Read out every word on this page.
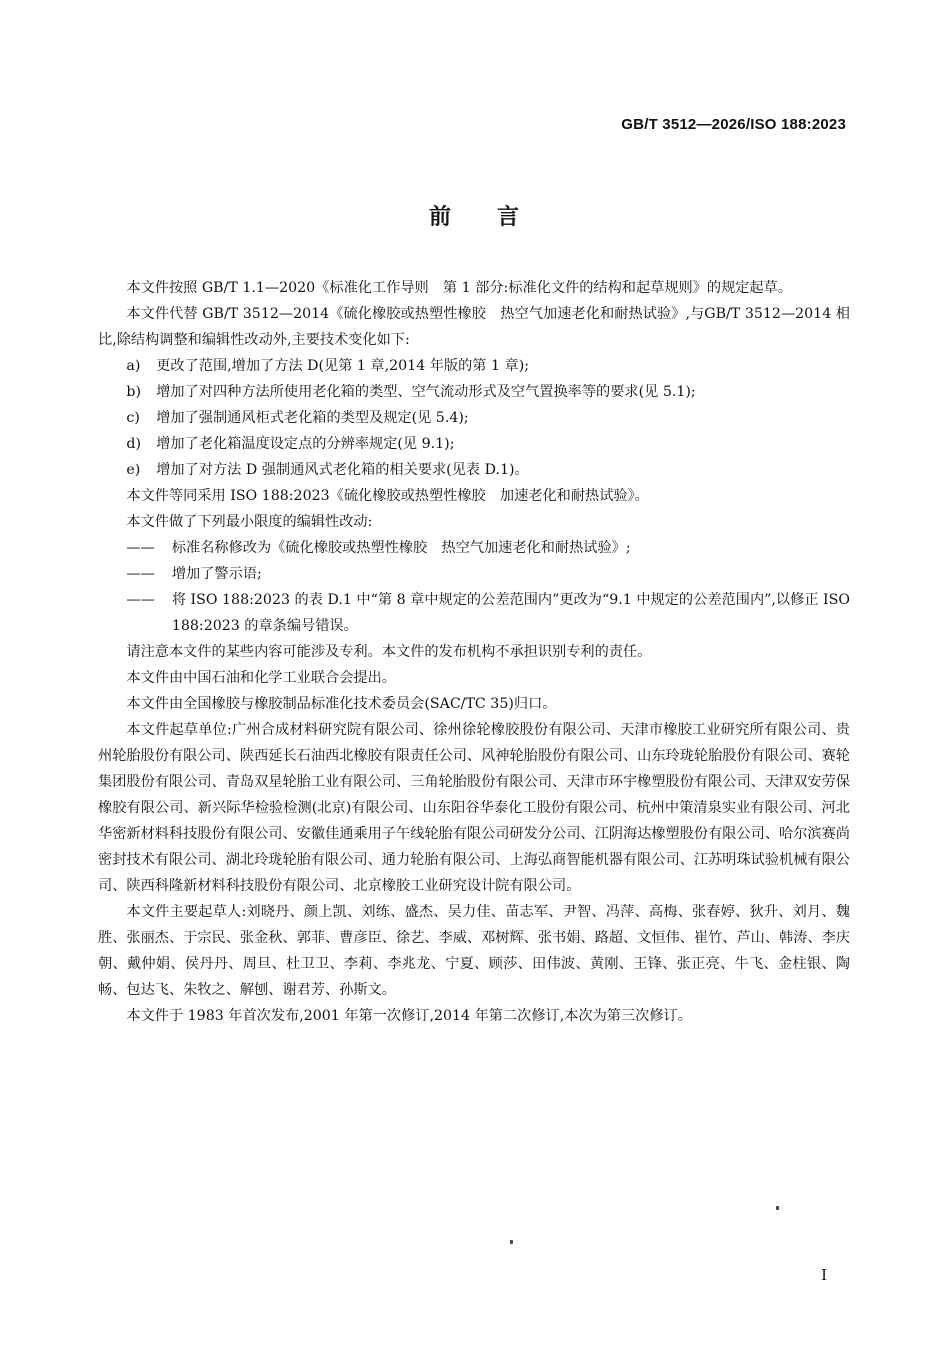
GB/T 3512—2026/ISO 188:2023
前 言

本文件按照 GB/T 1.1—2020《标准化工作导则　第 1 部分:标准化文件的结构和起草规则》的规定起草。

本文件代替 GB/T 3512—2014《硫化橡胶或热塑性橡胶　热空气加速老化和耐热试验》,与GB/T 3512—2014 相比,除结构调整和编辑性改动外,主要技术变化如下:

a)	更改了范围,增加了方法 D(见第 1 章,2014 年版的第 1 章);
b)	增加了对四种方法所使用老化箱的类型、空气流动形式及空气置换率等的要求(见 5.1);
c)	增加了强制通风柜式老化箱的类型及规定(见 5.4);
d)	增加了老化箱温度设定点的分辨率规定(见 9.1);
e)	增加了对方法 D 强制通风式老化箱的相关要求(见表 D.1)。

本文件等同采用 ISO 188:2023《硫化橡胶或热塑性橡胶　加速老化和耐热试验》。

本文件做了下列最小限度的编辑性改动:

——	标准名称修改为《硫化橡胶或热塑性橡胶　热空气加速老化和耐热试验》;
——	增加了警示语;
——	将 ISO 188:2023 的表 D.1 中“第 8 章中规定的公差范围内”更改为“9.1 中规定的公差范围内”,以修正 ISO 188:2023 的章条编号错误。

请注意本文件的某些内容可能涉及专利。本文件的发布机构不承担识别专利的责任。

本文件由中国石油和化学工业联合会提出。

本文件由全国橡胶与橡胶制品标准化技术委员会(SAC/TC 35)归口。

本文件起草单位:广州合成材料研究院有限公司、徐州徐轮橡胶股份有限公司、天津市橡胶工业研究所有限公司、贵州轮胎股份有限公司、陕西延长石油西北橡胶有限责任公司、风神轮胎股份有限公司、山东玲珑轮胎股份有限公司、赛轮集团股份有限公司、青岛双星轮胎工业有限公司、三角轮胎股份有限公司、天津市环宇橡塑股份有限公司、天津双安劳保橡胶有限公司、新兴际华检验检测(北京)有限公司、山东阳谷华泰化工股份有限公司、杭州中策清泉实业有限公司、河北华密新材料科技股份有限公司、安徽佳通乘用子午线轮胎有限公司研发分公司、江阴海达橡塑股份有限公司、哈尔滨赛尚密封技术有限公司、湖北玲珑轮胎有限公司、通力轮胎有限公司、上海弘商智能机器有限公司、江苏明珠试验机械有限公司、陕西科隆新材料科技股份有限公司、北京橡胶工业研究设计院有限公司。

本文件主要起草人:刘晓丹、颜上凯、刘练、盛杰、吴力佳、苗志军、尹智、冯萍、高梅、张春婷、狄升、刘月、魏胜、张丽杰、于宗民、张金秋、郭菲、曹彦臣、徐艺、李威、邓树辉、张书娟、路超、文恒伟、崔竹、芦山、韩涛、李庆朝、戴仲娟、侯丹丹、周旦、杜卫卫、李莉、李兆龙、宁夏、顾莎、田伟波、黄刚、王锋、张正亮、牛飞、金柱银、陶畅、包达飞、朱牧之、解刨、谢君芳、孙斯文。

本文件于 1983 年首次发布,2001 年第一次修订,2014 年第二次修订,本次为第三次修订。

I
